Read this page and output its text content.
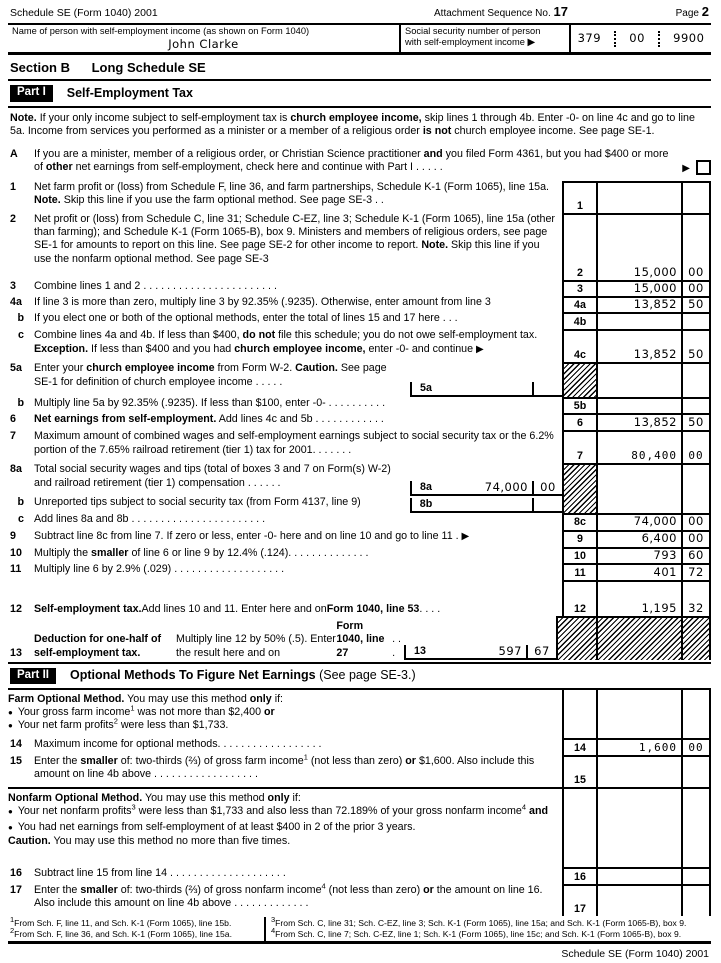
Schedule SE (Form 1040) 2001	Attachment Sequence No. 17	Page 2
Name of person with self-employment income (as shown on Form 1040)
John Clarke
Social security number of person
with self-employment income ▶	379 00 9900
Section B Long Schedule SE
Part I	Self-Employment Tax
Note. If your only income subject to self-employment tax is church employee income, skip lines 1 through 4b. Enter -0- on line 4c and go to line 5a. Income from services you performed as a minister or a member of a religious order is not church employee income. See page SE-1.
A	If you are a minister, member of a religious order, or Christian Science practitioner and you filed Form 4361, but you had $400 or more of other net earnings from self-employment, check here and continue with Part I . . . . .	▶
1	Net farm profit or (loss) from Schedule F, line 36, and farm partnerships, Schedule K-1 (Form 1065), line 15a. Note. Skip this line if you use the farm optional method. See page SE-3 . .	1
2	Net profit or (loss) from Schedule C, line 31; Schedule C-EZ, line 3; Schedule K-1 (Form 1065), line 15a (other than farming); and Schedule K-1 (Form 1065-B), box 9. Ministers and members of religious orders, see page SE-1 for amounts to report on this line. See page SE-2 for other income to report. Note. Skip this line if you use the nonfarm optional method. See page SE-3
2	15,000 00
3	Combine lines 1 and 2 . . . . . . . . . . . . . . . . . . . . . . .	3	15,000 00
4a	If line 3 is more than zero, multiply line 3 by 92.35% (.9235). Otherwise, enter amount from line 3	4a	13,852 50
b If you elect one or both of the optional methods, enter the total of lines 15 and 17 here . . .	4b
c Combine lines 4a and 4b. If less than $400, do not file this schedule; you do not owe self-employment tax. Exception. If less than $400 and you had church employee income, enter -0- and continue ▶
4c	13,852 50
5a	Enter your church employee income from Form W-2. Caution. See page SE-1 for definition of church employee income . . . . .
5a
b Multiply line 5a by 92.35% (.9235). If less than $100, enter -0- . . . . . . . . . .	5b
6	Net earnings from self-employment. Add lines 4c and 5b . . . . . . . . . . . .	6	13,852 50
7	Maximum amount of combined wages and self-employment earnings subject to social security tax or the 6.2% portion of the 7.65% railroad retirement (tier 1) tax for 2001. . . . . . .
7	80,400	00
8a	Total social security wages and tips (total of boxes 3 and 7 on Form(s) W-2) and railroad retirement (tier 1) compensation . . . . . .	8a	74,000	00
b Unreported tips subject to social security tax (from Form 4137, line 9)	8b
c Add lines 8a and 8b . . . . . . . . . . . . . . . . . . . . . . .	8c	74,000 00
9	Subtract line 8c from line 7. If zero or less, enter -0- here and on line 10 and go to line 11 . ▶	9	6,400 00
10	Multiply the smaller of line 6 or line 9 by 12.4% (.124). . . . . . . . . . . . . .	10	793 60
11	Multiply line 6 by 2.9% (.029) . . . . . . . . . . . . . . . . . . .	11	401 72
12	Self-employment tax. Add lines 10 and 11. Enter here and on Form 1040, line 53 . . . .	12	1,195 32
13
Deduction for one-half of self-employment tax.
Multiply line 12 by 50% (.5). Enter the result here and on
Form 1040, line 27
. . .	13	597	67
Part II	Optional Methods To Figure Net Earnings (See page SE-3.)
Farm Optional Method. You may use this method only if:
● Your gross farm income$^1$ was not more than $2,400 or
● Your net farm profits$^2$ were less than $1,733.
14	Maximum income for optional methods. . . . . . . . . . . . . . . . . .	14	1,600	00
15	Enter the smaller of: two-thirds (⅔) of gross farm income$^1$ (not less than zero) or $1,600. Also include this amount on line 4b above . . . . . . . . . . . . . . . . . .	15
Nonfarm Optional Method. You may use this method only if:
● Your net nonfarm profits$^3$ were less than $1,733 and also less than 72.189% of your gross nonfarm income$^4$ and
● You had net earnings from self-employment of at least $400 in 2 of the prior 3 years.
Caution. You may use this method no more than five times.
16	Subtract line 15 from line 14 . . . . . . . . . . . . . . . . . . . .	16
17	Enter the smaller of: two-thirds (⅔) of gross nonfarm income$^4$ (not less than zero) or the amount on line 16. Also include this amount on line 4b above . . . . . . . . . . . . .	17
$^1$From Sch. F, line 11, and Sch. K-1 (Form 1065), line 15b.
$^2$From Sch. F, line 36, and Sch. K-1 (Form 1065), line 15a.
$^3$From Sch. C, line 31; Sch. C-EZ, line 3; Sch. K-1 (Form 1065), line 15a; and Sch. K-1 (Form 1065-B), box 9.
$^4$From Sch. C, line 7; Sch. C-EZ, line 1; Sch. K-1 (Form 1065), line 15c; and Sch. K-1 (Form 1065-B), box 9.
Schedule SE (Form 1040) 2001
